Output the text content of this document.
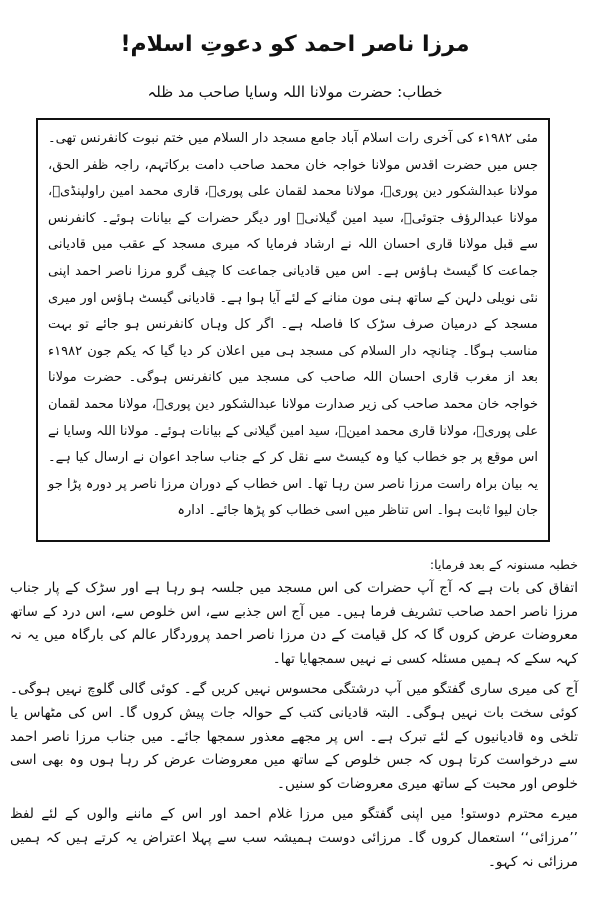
مرزا ناصر احمد کو دعوتِ اسلام!

خطاب: حضرت مولانا اللہ وسایا صاحب مد ظلہ

مئی ۱۹۸۲ء کی آخری رات اسلام آباد جامع مسجد دار السلام میں ختم نبوت کانفرنس تھی۔ جس میں حضرت اقدس مولانا خواجہ خان محمد صاحب دامت برکاتہم، راجہ ظفر الحق، مولانا عبدالشکور دین پوریؒ، مولانا محمد لقمان علی پوریؒ، قاری محمد امین راولپنڈیؒ، مولانا عبدالرؤف جتوئیؒ، سید امین گیلانیؒ اور دیگر حضرات کے بیانات ہوئے۔ کانفرنس سے قبل مولانا قاری احسان اللہ نے ارشاد فرمایا کہ میری مسجد کے عقب میں قادیانی جماعت کا گیسٹ ہاؤس ہے۔ اس میں قادیانی جماعت کا چیف گرو مرزا ناصر احمد اپنی نئی نویلی دلہن کے ساتھ ہنی مون منانے کے لئے آیا ہوا ہے۔ قادیانی گیسٹ ہاؤس اور میری مسجد کے درمیان صرف سڑک کا فاصلہ ہے۔ اگر کل وہاں کانفرنس ہو جائے تو بہت مناسب ہوگا۔ چنانچہ دار السلام کی مسجد ہی میں اعلان کر دیا گیا کہ یکم جون ۱۹۸۲ء بعد از مغرب قاری احسان اللہ صاحب کی مسجد میں کانفرنس ہوگی۔ حضرت مولانا خواجہ خان محمد صاحب کی زیر صدارت مولانا عبدالشکور دین پوریؒ، مولانا محمد لقمان علی پوریؒ، مولانا قاری محمد امینؒ، سید امین گیلانی کے بیانات ہوئے۔ مولانا اللہ وسایا نے اس موقع پر جو خطاب کیا وہ کیسٹ سے نقل کر کے جناب ساجد اعوان نے ارسال کیا ہے۔ یہ بیان براہ راست مرزا ناصر سن رہا تھا۔ اس خطاب کے دوران مرزا ناصر پر دورہ پڑا جو جان لیوا ثابت ہوا۔ اس تناظر میں اسی خطاب کو پڑھا جائے۔ ادارہ

خطبہ مسنونہ کے بعد فرمایا:

اتفاق کی بات ہے کہ آج آپ حضرات کی اس مسجد میں جلسہ ہو رہا ہے اور سڑک کے پار جناب مرزا ناصر احمد صاحب تشریف فرما ہیں۔ میں آج اس جذبے سے، اس خلوص سے، اس درد کے ساتھ معروضات عرض کروں گا کہ کل قیامت کے دن مرزا ناصر احمد پروردگار عالم کی بارگاہ میں یہ نہ کہہ سکے کہ ہمیں مسئلہ کسی نے نہیں سمجھایا تھا۔

آج کی میری ساری گفتگو میں آپ درشتگی محسوس نہیں کریں گے۔ کوئی گالی گلوچ نہیں ہوگی۔ کوئی سخت بات نہیں ہوگی۔ البتہ قادیانی کتب کے حوالہ جات پیش کروں گا۔ اس کی مٹھاس یا تلخی وہ قادیانیوں کے لئے تبرک ہے۔ اس پر مجھے معذور سمجھا جائے۔ میں جناب مرزا ناصر احمد سے درخواست کرتا ہوں کہ جس خلوص کے ساتھ میں معروضات عرض کر رہا ہوں وہ بھی اسی خلوص اور محبت کے ساتھ میری معروضات کو سنیں۔

میرے محترم دوستو! میں اپنی گفتگو میں مرزا غلام احمد اور اس کے ماننے والوں کے لئے لفظ ’’مرزائی‘‘ استعمال کروں گا۔ مرزائی دوست ہمیشہ سب سے پہلا اعتراض یہ کرتے ہیں کہ ہمیں مرزائی نہ کہو۔
